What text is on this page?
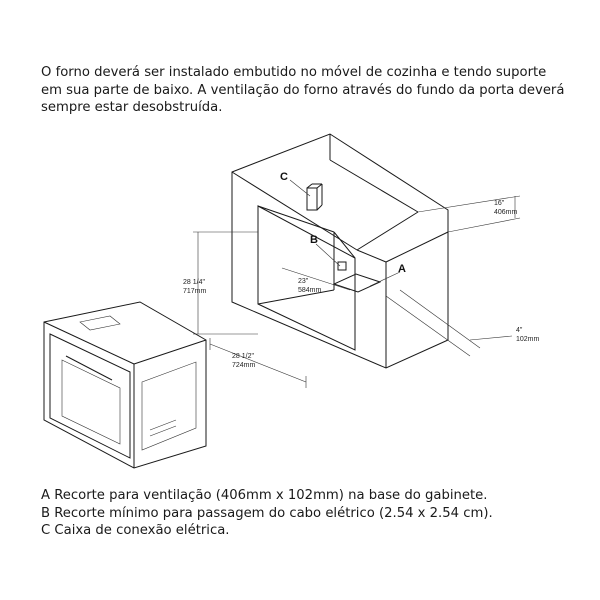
O forno deverá ser instalado embutido no móvel de cozinha e tendo suporte
em sua parte de baixo. A ventilação do forno através do fundo da porta deverá
sempre estar desobstruída.
16"
406mm
28 1/4"
717mm
23"
584mm
28 1/2"
724mm
4"
102mm
C
B
A
A Recorte para ventilação (406mm x 102mm) na base do gabinete.
B Recorte mínimo para passagem do cabo elétrico (2.54 x 2.54 cm).
C Caixa de conexão elétrica.
